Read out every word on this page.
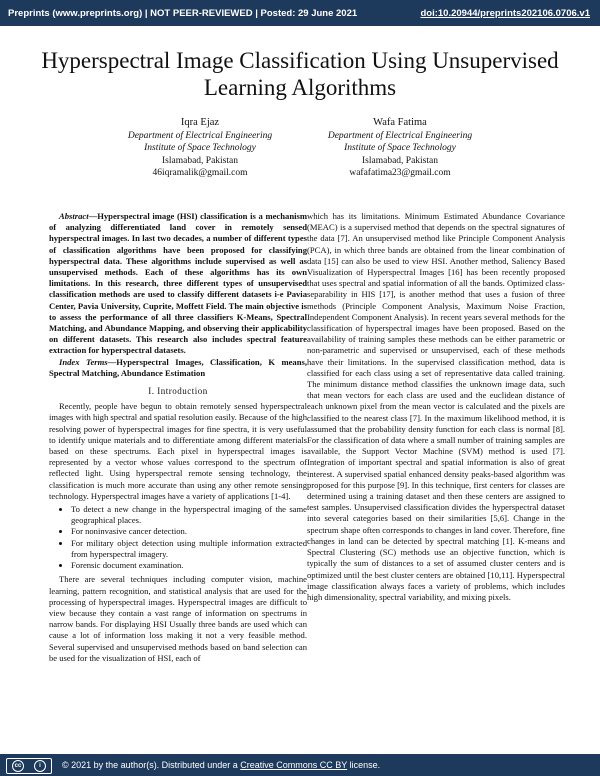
Preprints (www.preprints.org) | NOT PEER-REVIEWED | Posted: 29 June 2021	doi:10.20944/preprints202106.0706.v1
Hyperspectral Image Classification Using Unsupervised Learning Algorithms
Iqra Ejaz
Department of Electrical Engineering
Institute of Space Technology
Islamabad, Pakistan
46iqramalik@gmail.com
Wafa Fatima
Department of Electrical Engineering
Institute of Space Technology
Islamabad, Pakistan
wafafatima23@gmail.com

Abstract—Hyperspectral image (HSI) classification is a mechanism of analyzing differentiated land cover in remotely sensed hyperspectral images. In last two decades, a number of different types of classification algorithms have been proposed for classifying hyperspectral data. These algorithms include supervised as well as unsupervised methods. Each of these algorithms has its own limitations. In this research, three different types of unsupervised classification methods are used to classify different datasets i-e Pavia Center, Pavia University, Cuprite, Moffett Field. The main objective is to assess the performance of all three classifiers K-Means, Spectral Matching, and Abundance Mapping, and observing their applicability on different datasets. This research also includes spectral feature extraction for hyperspectral datasets.

Index Terms—Hyperspectral Images, Classification, K means, Spectral Matching, Abundance Estimation

I. Introduction

Recently, people have begun to obtain remotely sensed hyperspectral images with high spectral and spatial resolution easily. Because of the high resolving power of hyperspectral images for fine spectra, it is very useful to identify unique materials and to differentiate among different materials based on these spectrums. Each pixel in hyperspectral images is represented by a vector whose values correspond to the spectrum of reflected light. Using hyperspectral remote sensing technology, the classification is much more accurate than using any other remote sensing technology. Hyperspectral images have a variety of applications [1-4].

• To detect a new change in the hyperspectral imaging of the same geographical places.
• For noninvasive cancer detection.
• For military object detection using multiple information extracted from hyperspectral imagery.
• Forensic document examination.

There are several techniques including computer vision, machine learning, pattern recognition, and statistical analysis that are used for the processing of hyperspectral images. Hyperspectral images are difficult to view because they contain a vast range of information on spectrums in narrow bands. For displaying HSI Usually three bands are used which can cause a lot of information loss making it not a very feasible method. Several supervised and unsupervised methods based on band selection can be used for the visualization of HSI, each of

which has its limitations. Minimum Estimated Abundance Covariance (MEAC) is a supervised method that depends on the spectral signatures of the data [7]. An unsupervised method like Principle Component Analysis (PCA), in which three bands are obtained from the linear combination of data [15] can also be used to view HSI. Another method, Saliency Based Visualization of Hyperspectral Images [16] has been recently proposed that uses spectral and spatial information of all the bands. Optimized class-separability in HIS [17], is another method that uses a fusion of three methods (Principle Component Analysis, Maximum Noise Fraction, Independent Component Analysis). In recent years several methods for the classification of hyperspectral images have been proposed. Based on the availability of training samples these methods can be either parametric or non-parametric and supervised or unsupervised, each of these methods have their limitations. In the supervised classification method, data is classified for each class using a set of representative data called training. The minimum distance method classifies the unknown image data, such that mean vectors for each class are used and the euclidean distance of each unknown pixel from the mean vector is calculated and the pixels are classified to the nearest class [7]. In the maximum likelihood method, it is assumed that the probability density function for each class is normal [8]. For the classification of data where a small number of training samples are available, the Support Vector Machine (SVM) method is used [7]. Integration of important spectral and spatial information is also of great interest. A supervised spatial enhanced density peaks-based algorithm was proposed for this purpose [9]. In this technique, first centers for classes are determined using a training dataset and then these centers are assigned to test samples. Unsupervised classification divides the hyperspectral dataset into several categories based on their similarities [5,6]. Change in the spectrum shape often corresponds to changes in land cover. Therefore, fine changes in land can be detected by spectral matching [1]. K-means and Spectral Clustering (SC) methods use an objective function, which is typically the sum of distances to a set of assumed cluster centers and is optimized until the best cluster centers are obtained [10,11]. Hyperspectral image classification always faces a variety of problems, which includes high dimensionality, spectral variability, and mixing pixels.

cc	i	© 2021 by the author(s). Distributed under a Creative Commons CC BY license.
